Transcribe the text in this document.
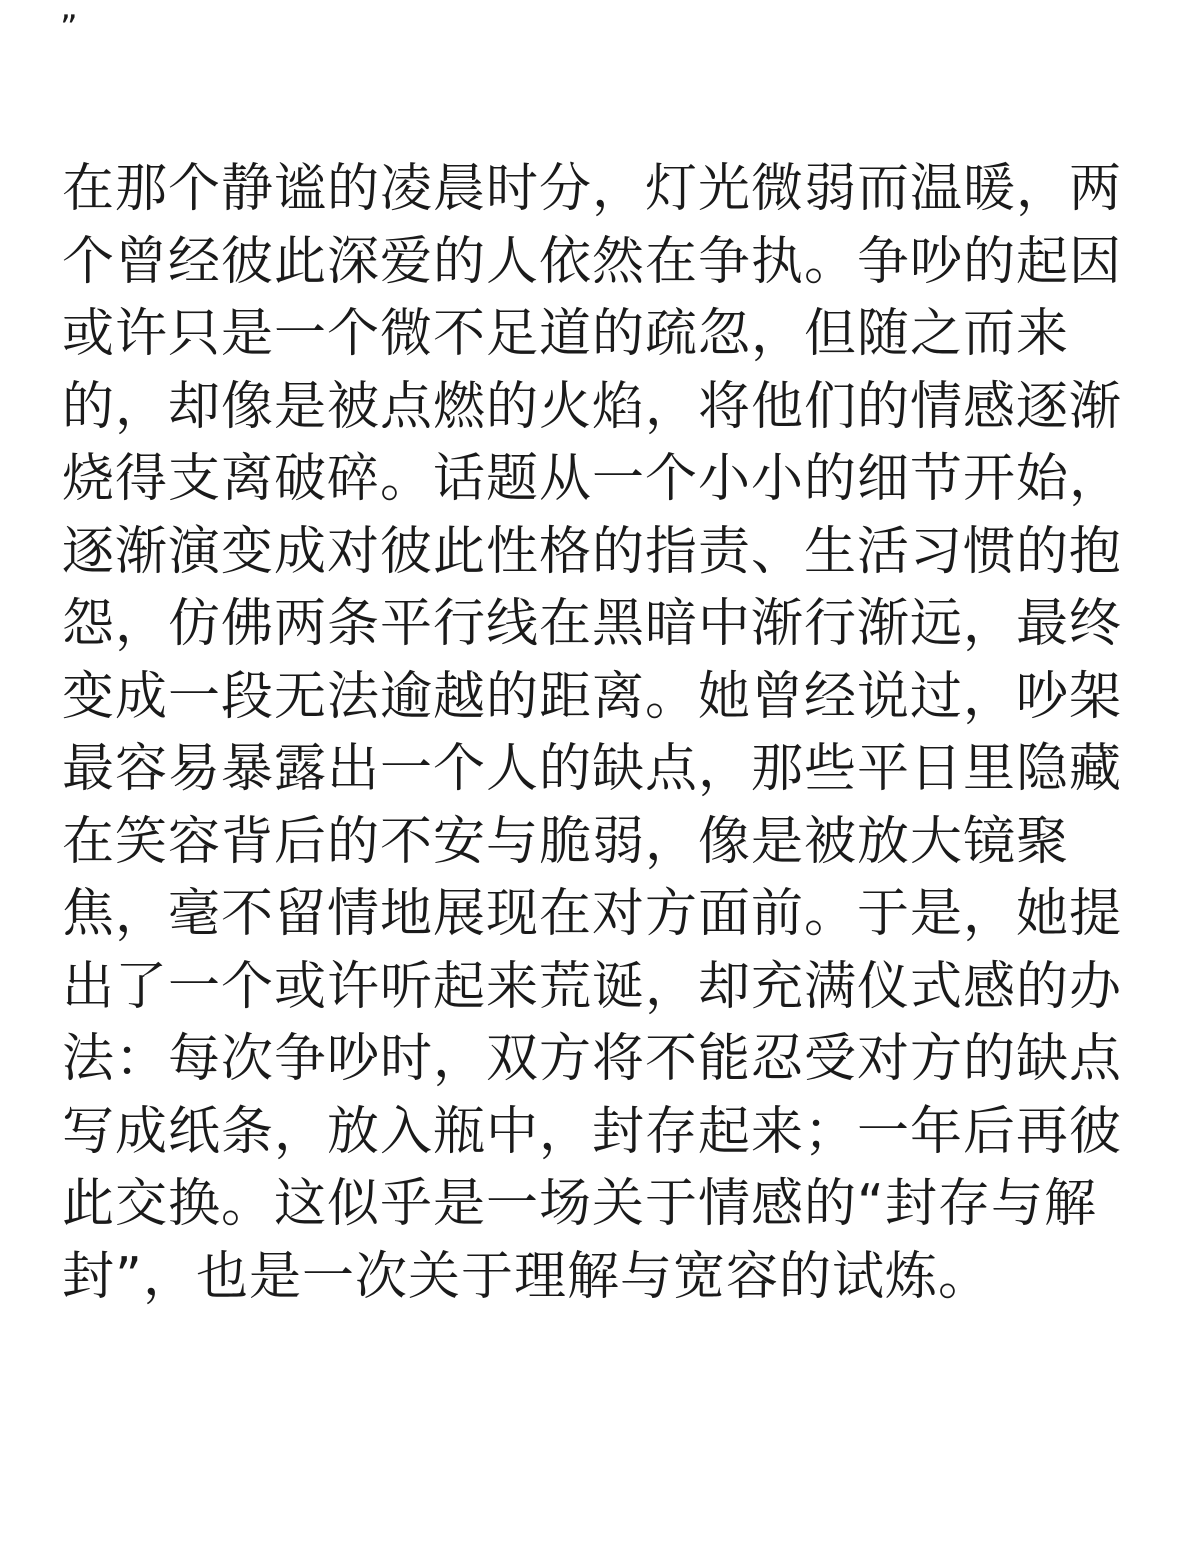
”
在那个静谧的凌晨时分，灯光微弱而温暖，两
个曾经彼此深爱的人依然在争执。争吵的起因
或许只是一个微不足道的疏忽，但随之而来
的，却像是被点燃的火焰，将他们的情感逐渐
烧得支离破碎。话题从一个小小的细节开始，
逐渐演变成对彼此性格的指责、生活习惯的抱
怨，仿佛两条平行线在黑暗中渐行渐远，最终
变成一段无法逾越的距离。她曾经说过，吵架
最容易暴露出一个人的缺点，那些平日里隐藏
在笑容背后的不安与脆弱，像是被放大镜聚
焦，毫不留情地展现在对方面前。于是，她提
出了一个或许听起来荒诞，却充满仪式感的办
法：每次争吵时，双方将不能忍受对方的缺点
写成纸条，放入瓶中，封存起来；一年后再彼
此交换。这似乎是一场关于情感的“封存与解
封”，也是一次关于理解与宽容的试炼。
